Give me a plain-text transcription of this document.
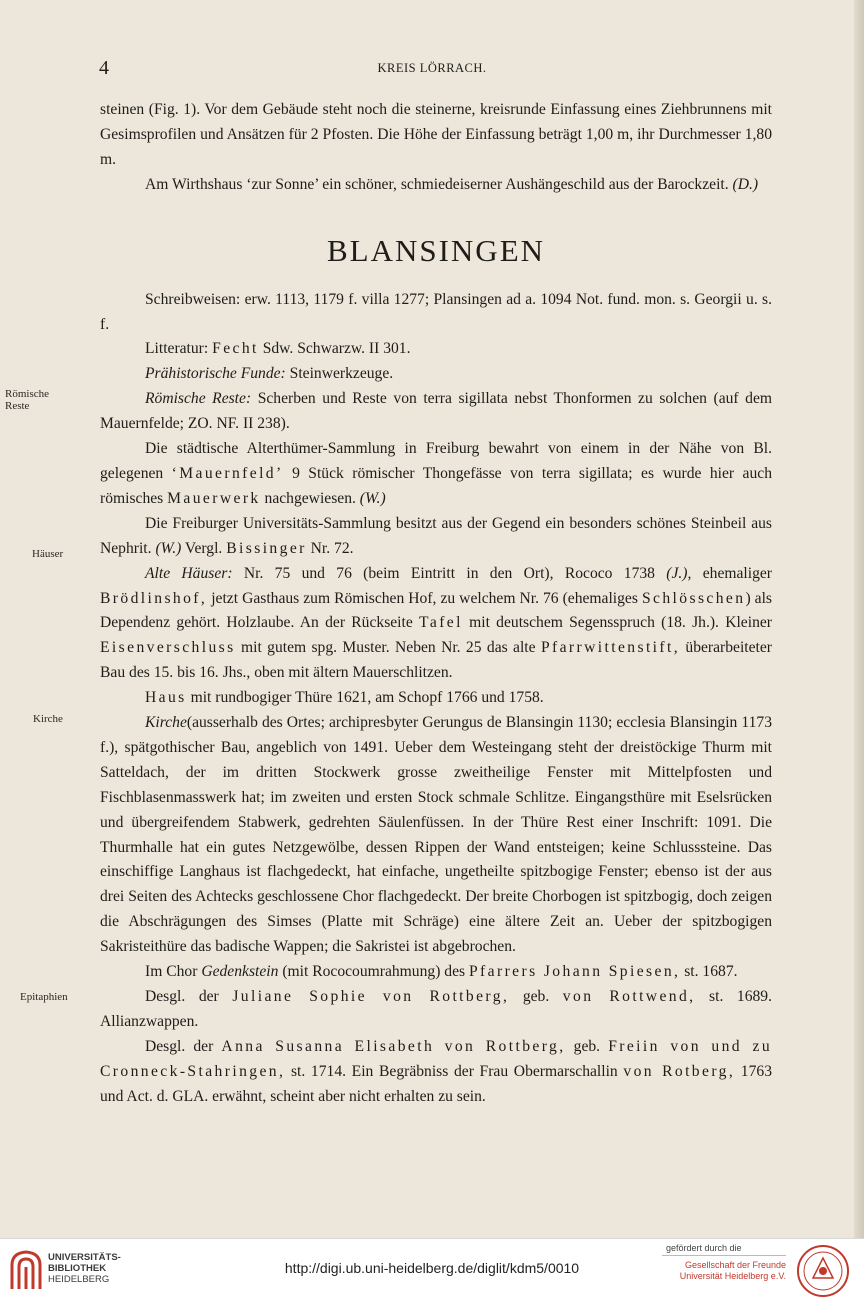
4	KREIS LÖRRACH.

steinen (Fig. 1). Vor dem Gebäude steht noch die steinerne, kreisrunde Einfassung eines Ziehbrunnens mit Gesimsprofilen und Ansätzen für 2 Pfosten. Die Höhe der Einfassung beträgt 1,00 m, ihr Durchmesser 1,80 m.

Am Wirthshaus ‘zur Sonne’ ein schöner, schmiedeiserner Aushängeschild aus der Barockzeit. (D.)

BLANSINGEN

Schreibweisen: erw. 1113, 1179 f. villa 1277; Plansingen ad a. 1094 Not. fund. mon. s. Georgii u. s. f.

Litteratur: Fecht Sdw. Schwarzw. II 301.

Prähistorische Funde: Steinwerkzeuge.

Römische Reste: Scherben und Reste von terra sigillata nebst Thonformen zu solchen (auf dem Mauernfelde; ZO. NF. II 238).

Die städtische Alterthümer-Sammlung in Freiburg bewahrt von einem in der Nähe von Bl. gelegenen ‘Mauernfeld’ 9 Stück römischer Thongefässe von terra sigillata; es wurde hier auch römisches Mauerwerk nachgewiesen. (W.)

Die Freiburger Universitäts-Sammlung besitzt aus der Gegend ein besonders schönes Steinbeil aus Nephrit. (W.) Vergl. Bissinger Nr. 72.

Alte Häuser: Nr. 75 und 76 (beim Eintritt in den Ort), Rococo 1738 (J.), ehemaliger Brödlinshof, jetzt Gasthaus zum Römischen Hof, zu welchem Nr. 76 (ehemaliges Schlösschen) als Dependenz gehört. Holzlaube. An der Rückseite Tafel mit deutschem Segensspruch (18. Jh.). Kleiner Eisenverschluss mit gutem spg. Muster. Neben Nr. 25 das alte Pfarrwittenstift, überarbeiteter Bau des 15. bis 16. Jhs., oben mit ältern Mauerschlitzen.

Haus mit rundbogiger Thüre 1621, am Schopf 1766 und 1758.

Kirche(ausserhalb des Ortes; archipresbyter Gerungus de Blansingin 1130; ecclesia Blansingin 1173 f.), spätgothischer Bau, angeblich von 1491. Ueber dem Westeingang steht der dreistöckige Thurm mit Satteldach, der im dritten Stockwerk grosse zweitheilige Fenster mit Mittelpfosten und Fischblasenmasswerk hat; im zweiten und ersten Stock schmale Schlitze. Eingangsthüre mit Eselsrücken und übergreifendem Stabwerk, gedrehten Säulenfüssen. In der Thüre Rest einer Inschrift: 1091. Die Thurmhalle hat ein gutes Netzgewölbe, dessen Rippen der Wand entsteigen; keine Schlusssteine. Das einschiffige Langhaus ist flachgedeckt, hat einfache, ungetheilte spitzbogige Fenster; ebenso ist der aus drei Seiten des Achtecks geschlossene Chor flachgedeckt. Der breite Chorbogen ist spitzbogig, doch zeigen die Abschrägungen des Simses (Platte mit Schräge) eine ältere Zeit an. Ueber der spitzbogigen Sakristeithüre das badische Wappen; die Sakristei ist abgebrochen.

Im Chor Gedenkstein (mit Rococoumrahmung) des Pfarrers Johann Spiesen, st. 1687.

Desgl. der Juliane Sophie von Rottberg, geb. von Rottwend, st. 1689. Allianzwappen.

Desgl. der Anna Susanna Elisabeth von Rottberg, geb. Freiin von und zu Cronneck-Stahringen, st. 1714. Ein Begräbniss der Frau Obermarschallin von Rotberg, 1763 und Act. d. GLA. erwähnt, scheint aber nicht erhalten zu sein.

Römische Reste
Häuser
Kirche
Epitaphien
UNIVERSITÄTS-
BIBLIOTHEK
HEIDELBERG
http://digi.ub.uni-heidelberg.de/diglit/kdm5/0010
gefördert durch die
Gesellschaft der Freunde
Universität Heidelberg e.V.
